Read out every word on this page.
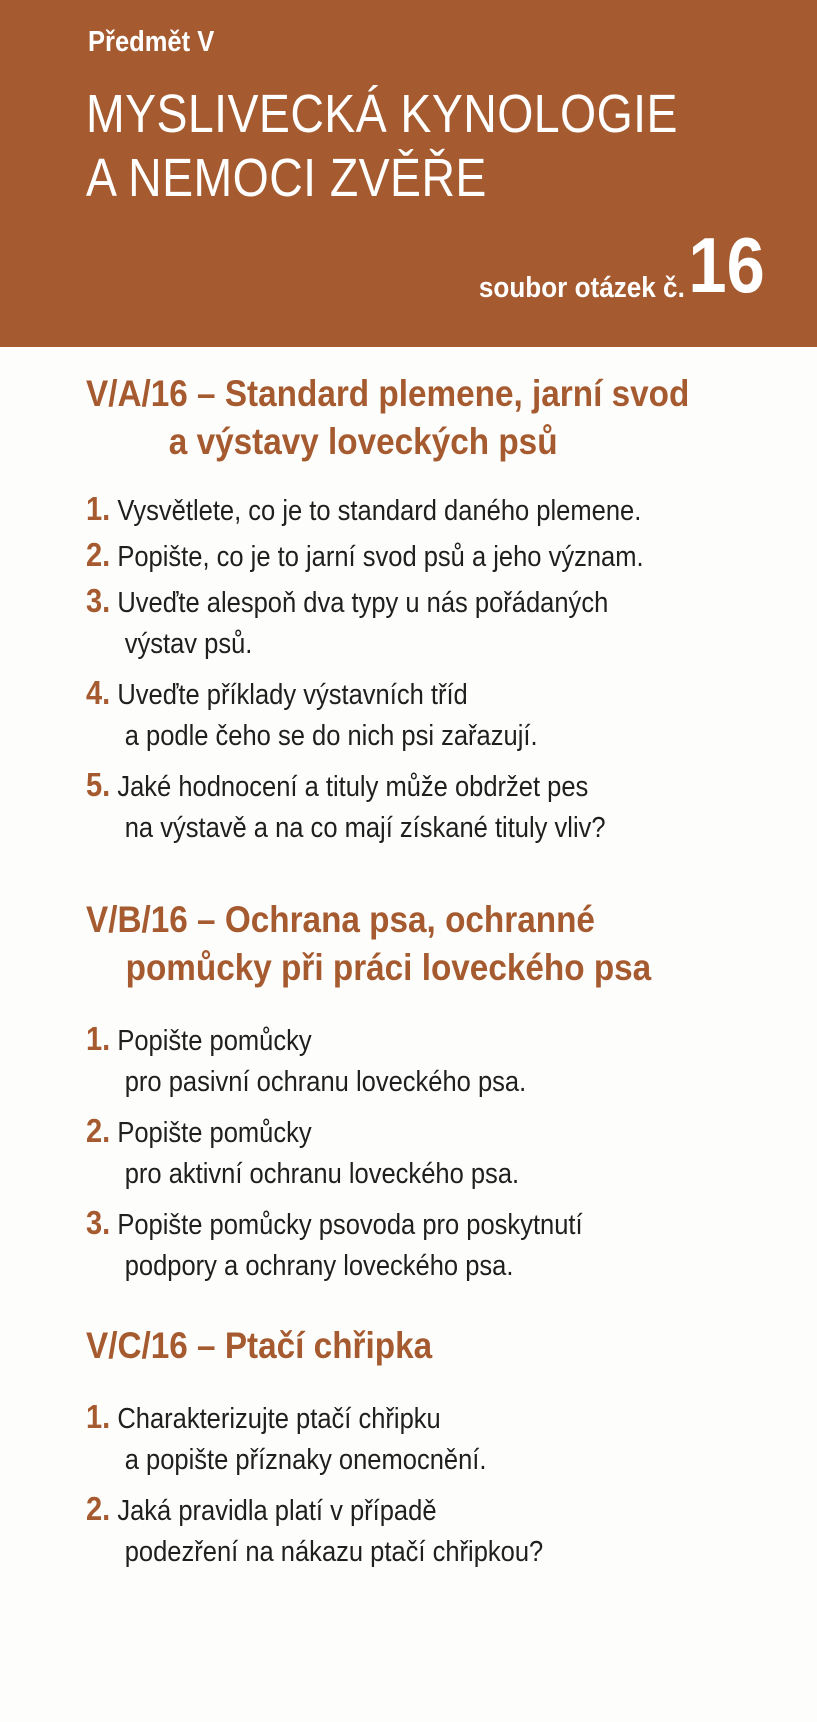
Předmět V
MYSLIVECKÁ KYNOLOGIE
A NEMOCI ZVĚŘE
soubor otázek č. 16
V/A/16 – Standard plemene, jarní svod
a výstavy loveckých psů
1. Vysvětlete, co je to standard daného plemene.
2. Popište, co je to jarní svod psů a jeho význam.
3. Uveďte alespoň dva typy u nás pořádaných
výstav psů.
4. Uveďte příklady výstavních tříd
a podle čeho se do nich psi zařazují.
5. Jaké hodnocení a tituly může obdržet pes
na výstavě a na co mají získané tituly vliv?
V/B/16 – Ochrana psa, ochranné
pomůcky při práci loveckého psa
1. Popište pomůcky
pro pasivní ochranu loveckého psa.
2. Popište pomůcky
pro aktivní ochranu loveckého psa.
3. Popište pomůcky psovoda pro poskytnutí
podpory a ochrany loveckého psa.
V/C/16 – Ptačí chřipka
1. Charakterizujte ptačí chřipku
a popište příznaky onemocnění.
2. Jaká pravidla platí v případě
podezření na nákazu ptačí chřipkou?
